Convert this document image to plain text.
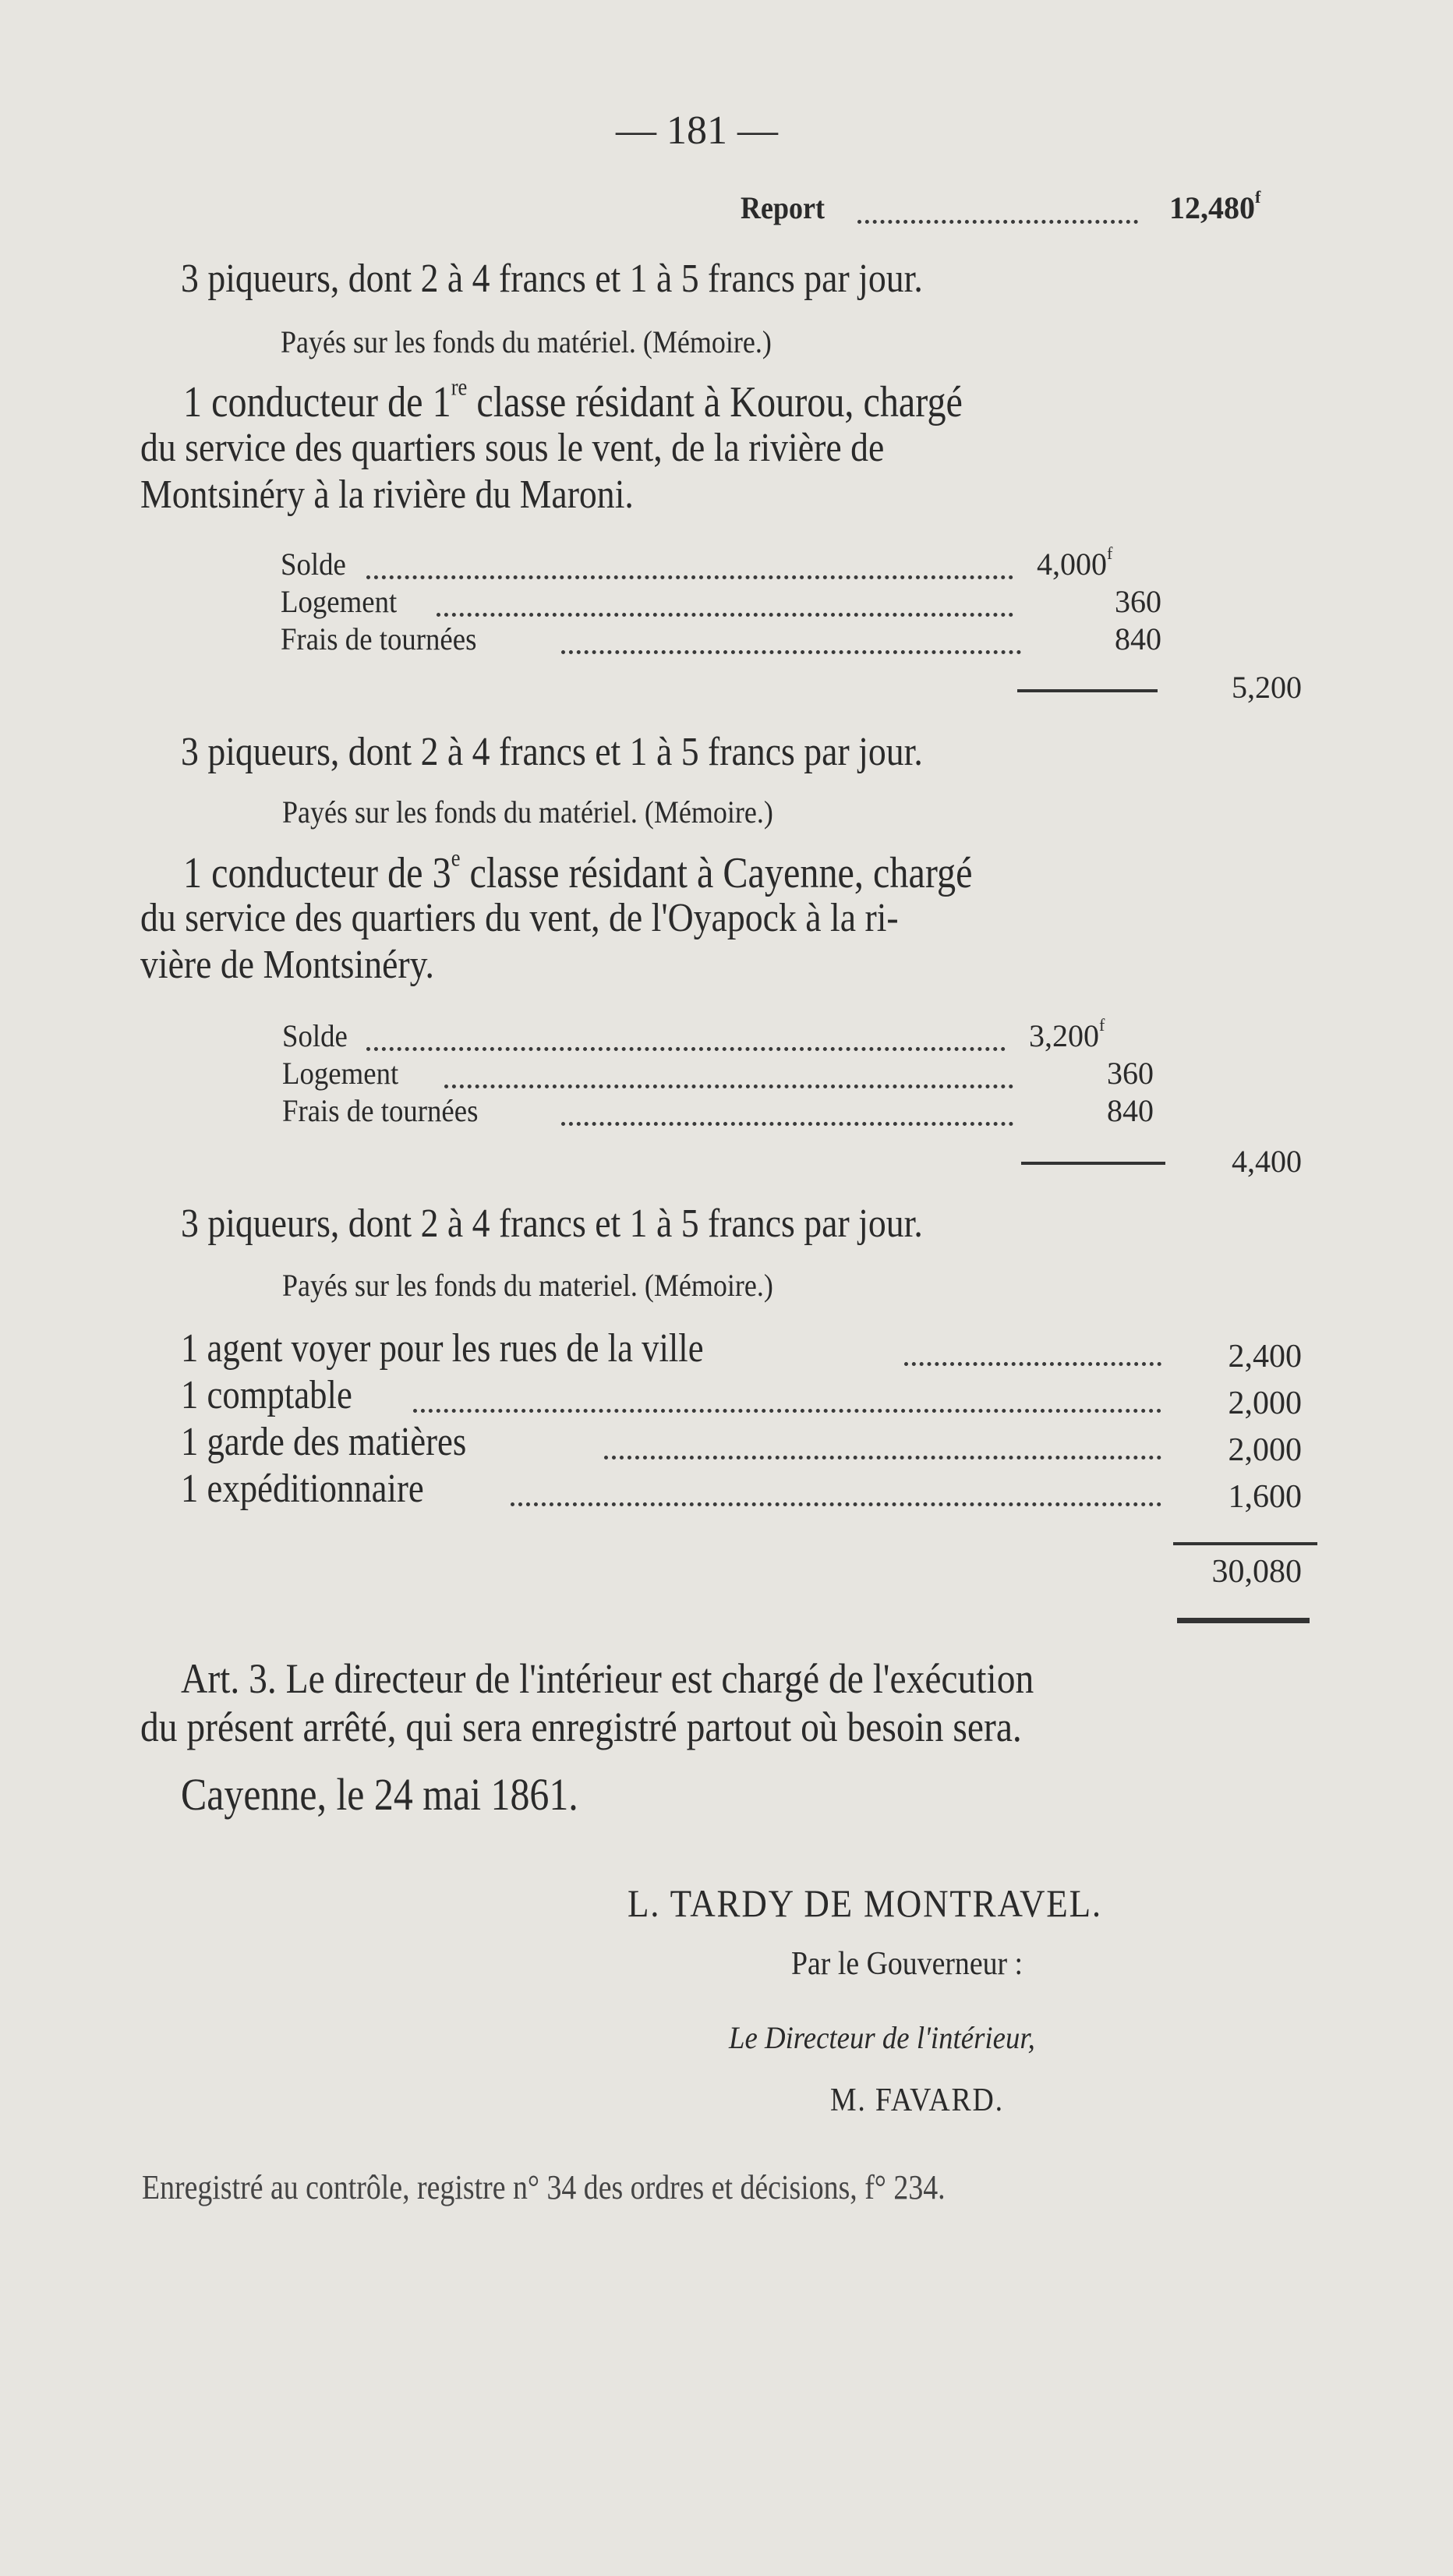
— 181 —
Report	12,480$^f$
3 piqueurs, dont 2 à 4 francs et 1 à 5 francs par jour.
Payés sur les fonds du matériel. (Mémoire.)
1 conducteur de 1re classe résidant à Kourou, chargé
du service des quartiers sous le vent, de la rivière de
Montsinéry à la rivière du Maroni.
Solde	4,000$^f$
Logement	360
Frais de tournées	840
5,200
3 piqueurs, dont 2 à 4 francs et 1 à 5 francs par jour.
Payés sur les fonds du matériel. (Mémoire.)
1 conducteur de 3e classe résidant à Cayenne, chargé
du service des quartiers du vent, de l'Oyapock à la ri-
vière de Montsinéry.
Solde	3,200$^f$
Logement	360
Frais de tournées	840
4,400
3 piqueurs, dont 2 à 4 francs et 1 à 5 francs par jour.
Payés sur les fonds du materiel. (Mémoire.)
1 agent voyer pour les rues de la ville	2,400
1 comptable	2,000
1 garde des matières	2,000
1 expéditionnaire	1,600
30,080
Art. 3. Le directeur de l'intérieur est chargé de l'exécution
du présent arrêté, qui sera enregistré partout où besoin sera.
Cayenne, le 24 mai 1861.
L. TARDY DE MONTRAVEL.
Par le Gouverneur :
Le Directeur de l'intérieur,
M. FAVARD.
Enregistré au contrôle, registre n° 34 des ordres et décisions, f° 234.
